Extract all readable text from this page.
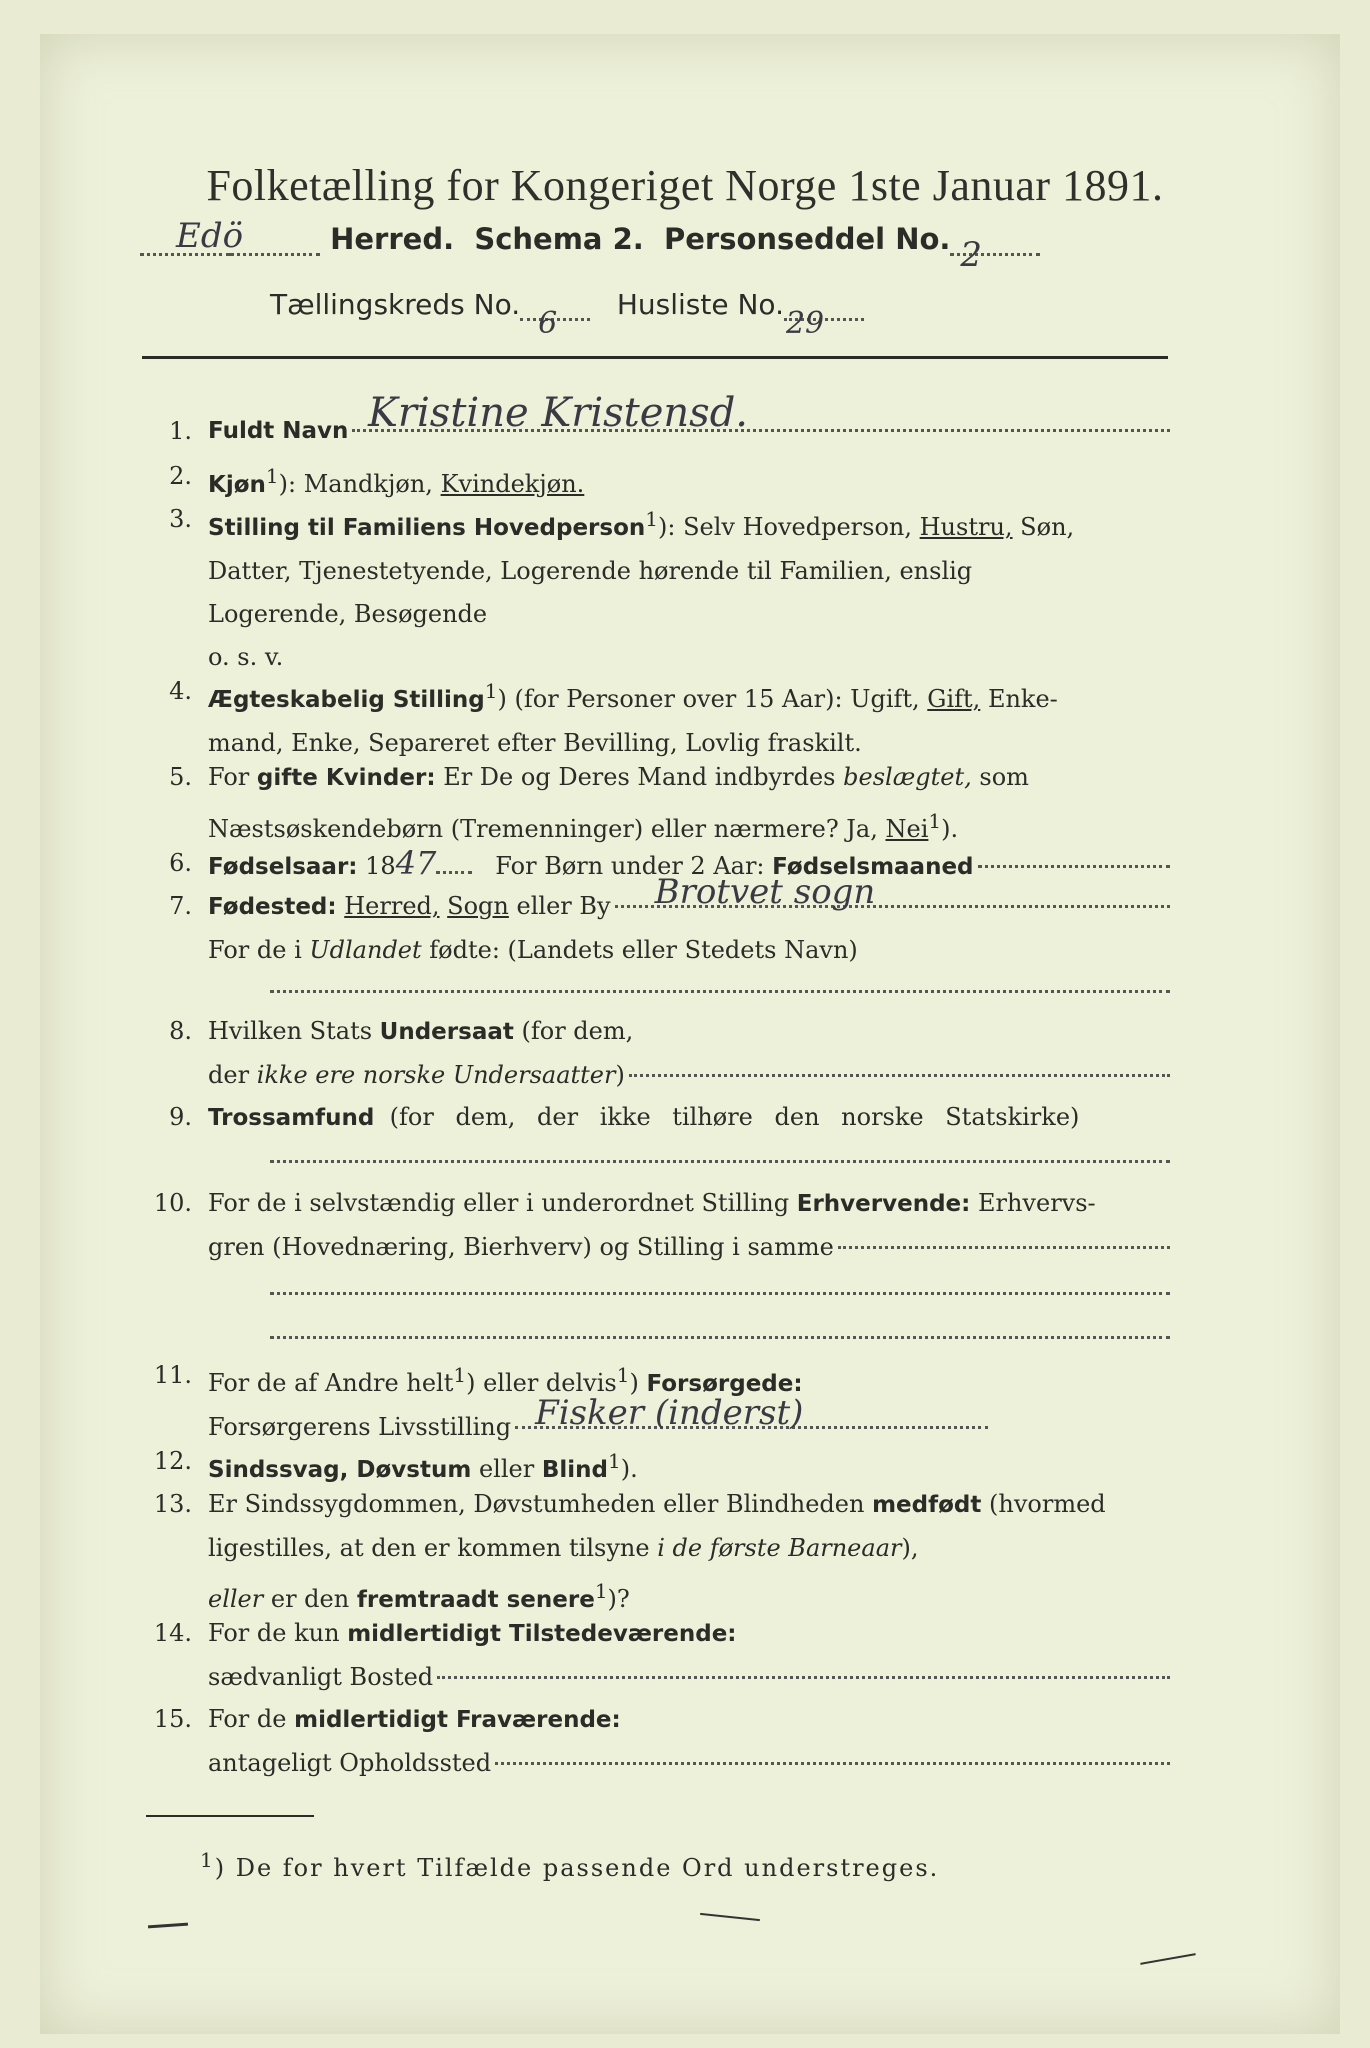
Folketælling for Kongeriget Norge 1ste Januar 1891.
Edö	Herred. Schema 2. Personseddel No. 2
Tællingskreds No.
6
Husliste No.
29
1. Fuldt Navn Kristine Kristensd.
2. Kjøn$^1$): Mandkjøn, Kvindekjøn.
3. Stilling til Familiens Hovedperson$^1$): Selv Hovedperson, Hustru, Søn,
Datter, Tjenestetyende, Logerende hørende til Familien, enslig
Logerende, Besøgende
o. s. v.
4. Ægteskabelig Stilling$^1$) (for Personer over 15 Aar): Ugift, Gift, Enke-
mand, Enke, Separeret efter Bevilling, Lovlig fraskilt.
5. For gifte Kvinder: Er De og Deres Mand indbyrdes beslægtet, som
Næstsøskendebørn (Tremenninger) eller nærmere? Ja, Nei$^1$).
6. Fødselsaar:
18 47
For Børn under 2 Aar:
Fødselsmaaned
7. Fødested:
Herred,
Sogn
eller By Brotvet sogn
For de i Udlandet fødte: (Landets eller Stedets Navn)
8. Hvilken Stats Undersaat (for dem,
der
ikke ere norske Undersaatter )
9. Trossamfund (for dem, der ikke tilhøre den norske Statskirke)
10. For de i selvstændig eller i underordnet Stilling Erhvervende: Erhvervs-
gren (Hovednæring, Bierhverv) og Stilling i samme
11. For de af Andre helt$^1$) eller delvis$^1$) Forsørgede:
Forsørgerens Livsstilling Fisker (inderst)
12. Sindssvag, Døvstum eller Blind$^1$).
13. Er Sindssygdommen, Døvstumheden eller Blindheden medfødt (hvormed
ligestilles, at den er kommen tilsyne i de første Barneaar),
eller er den fremtraadt senere$^1$)?
14. For de kun midlertidigt Tilstedeværende:
sædvanligt Bosted
15. For de midlertidigt Fraværende:
antageligt Opholdssted
$^1$) De for hvert Tilfælde passende Ord understreges.
